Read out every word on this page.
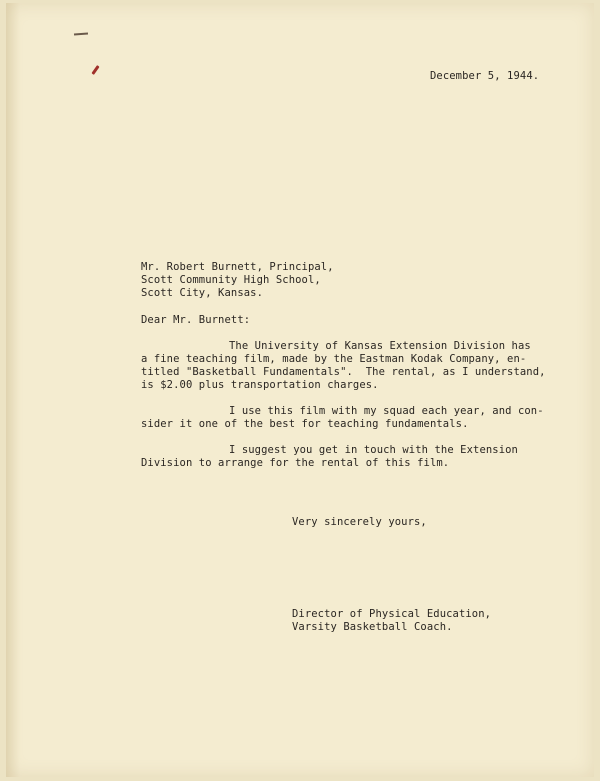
December 5, 1944.

Mr. Robert Burnett, Principal,

Scott Community High School,

Scott City, Kansas.

Dear Mr. Burnett:

The University of Kansas Extension Division has

a fine teaching film, made by the Eastman Kodak Company, en-

titled "Basketball Fundamentals".  The rental, as I understand,

is $2.00 plus transportation charges.

I use this film with my squad each year, and con-

sider it one of the best for teaching fundamentals.

I suggest you get in touch with the Extension

Division to arrange for the rental of this film.

Very sincerely yours,

Director of Physical Education,

Varsity Basketball Coach.
